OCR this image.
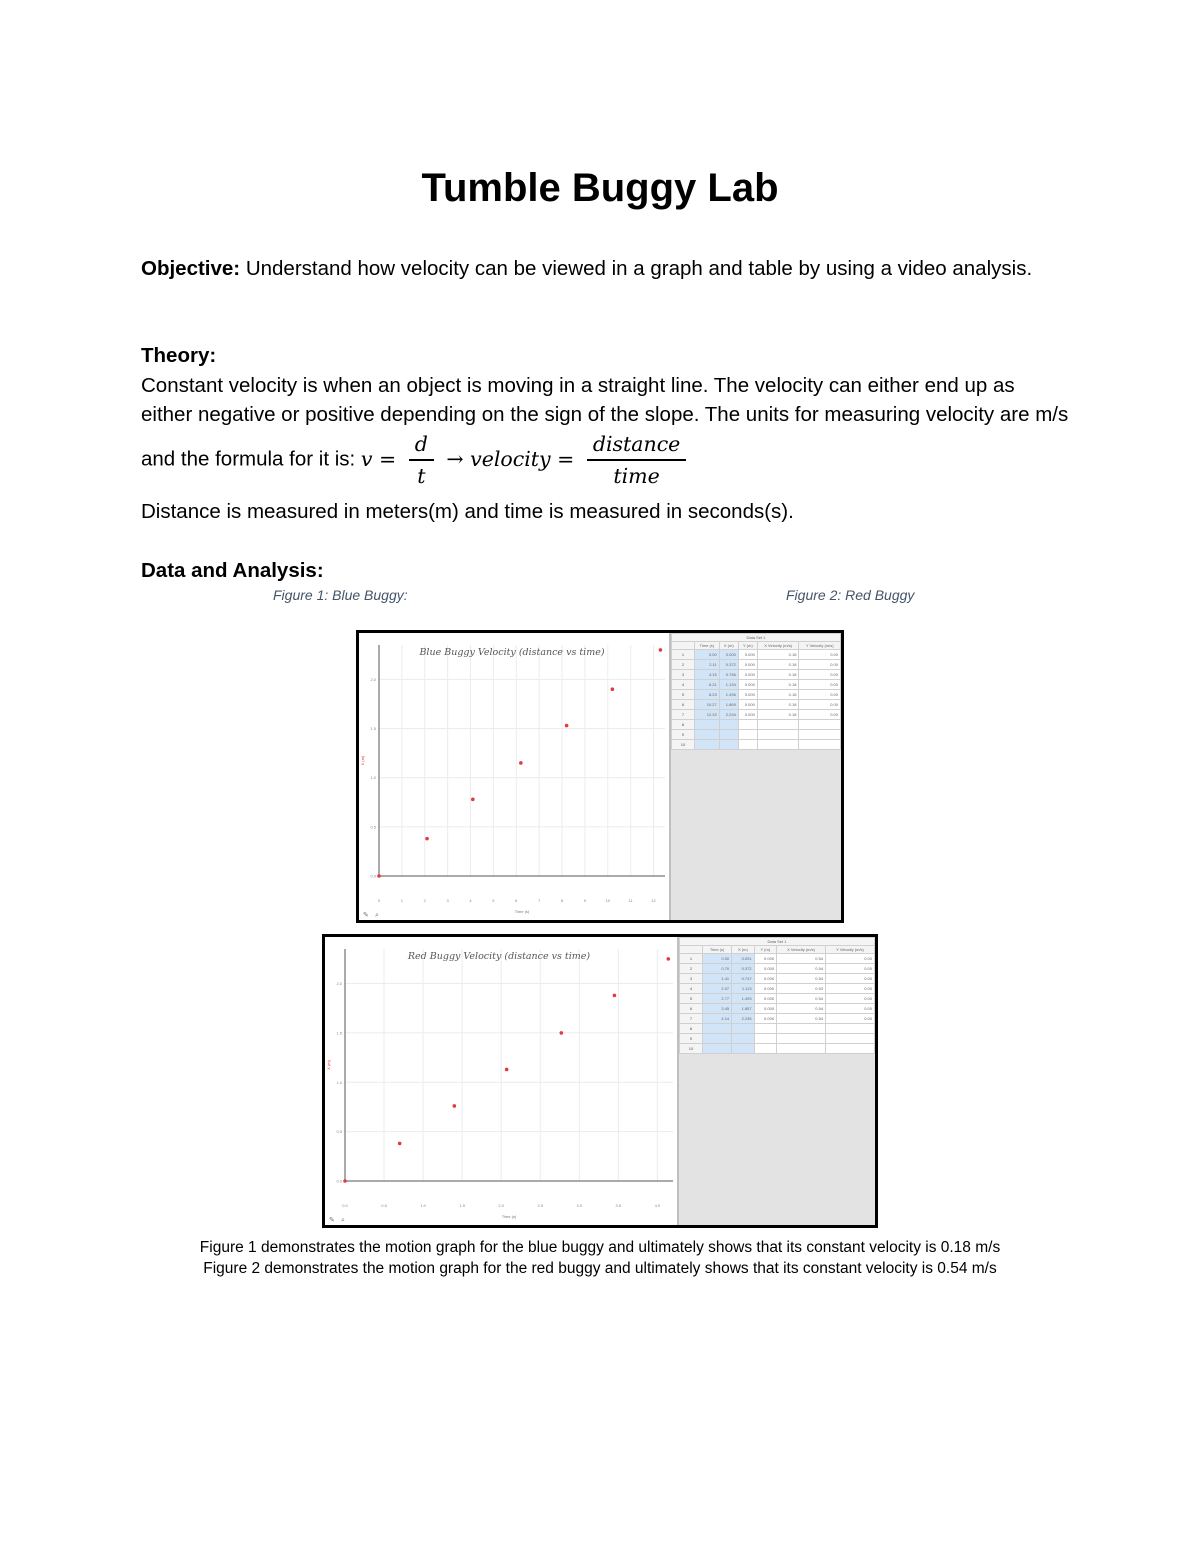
Tumble Buggy Lab
Objective: Understand how velocity can be viewed in a graph and table by using a video analysis.
Theory:
Constant velocity is when an object is moving in a straight line. The velocity can either end up as either negative or positive depending on the sign of the slope. The units for measuring velocity are m/s and the formula for it is: $v = \frac{d}{t}$ → velocity = $\frac{\text{distance}}{\text{time}}$
Distance is measured in meters(m) and time is measured in seconds(s).
Data and Analysis:
Figure 1: Blue Buggy:	Figure 2: Red Buggy
0	1	2	3	4	5	6	7	8	9	10	11	12
0.0
0.5
1.0
1.5
2.0
Blue Buggy Velocity (distance vs time)
Time (s)
X (m)
✎ ⌕
Data Set 1					
	Time (s)	X (m)	Y (m)	X Velocity (m/s)	Y Velocity (m/s)
1	0.00	0.000	0.000	0.18	0.00
2	2.11	0.372	0.000	0.18	0.00
3	4.15	0.756	0.000	0.18	0.00
4	6.21	1.134	0.000	0.18	0.00
5	8.23	1.496	0.000	0.18	0.00
6	10.27	1.869	0.000	0.18	0.00
7	12.33	2.234	0.000	0.18	0.00
8					
9					
10					
0.0	0.5	1.0	1.5	2.0	2.5	3.0	3.5	4.0
0.0
0.5
1.0
1.5
2.0
Red Buggy Velocity (distance vs time)
Time (s)
X (m)
✎ ⌕
Data Set 1					
	Time (s)	X (m)	Y (m)	X Velocity (m/s)	Y Velocity (m/s)
1	0.00	0.001	0.000	0.54	0.00
2	0.70	0.372	0.000	0.54	0.00
3	1.41	0.747	0.000	0.54	0.00
4	2.07	1.113	0.000	0.53	0.00
5	2.77	1.493	0.000	0.54	0.00
6	3.45	1.857	0.000	0.54	0.00
7	4.14	2.235	0.000	0.54	0.00
8					
9					
10					
Figure 1 demonstrates the motion graph for the blue buggy and ultimately shows that its constant velocity is 0.18 m/s
Figure 2 demonstrates the motion graph for the red buggy and ultimately shows that its constant velocity is 0.54 m/s
